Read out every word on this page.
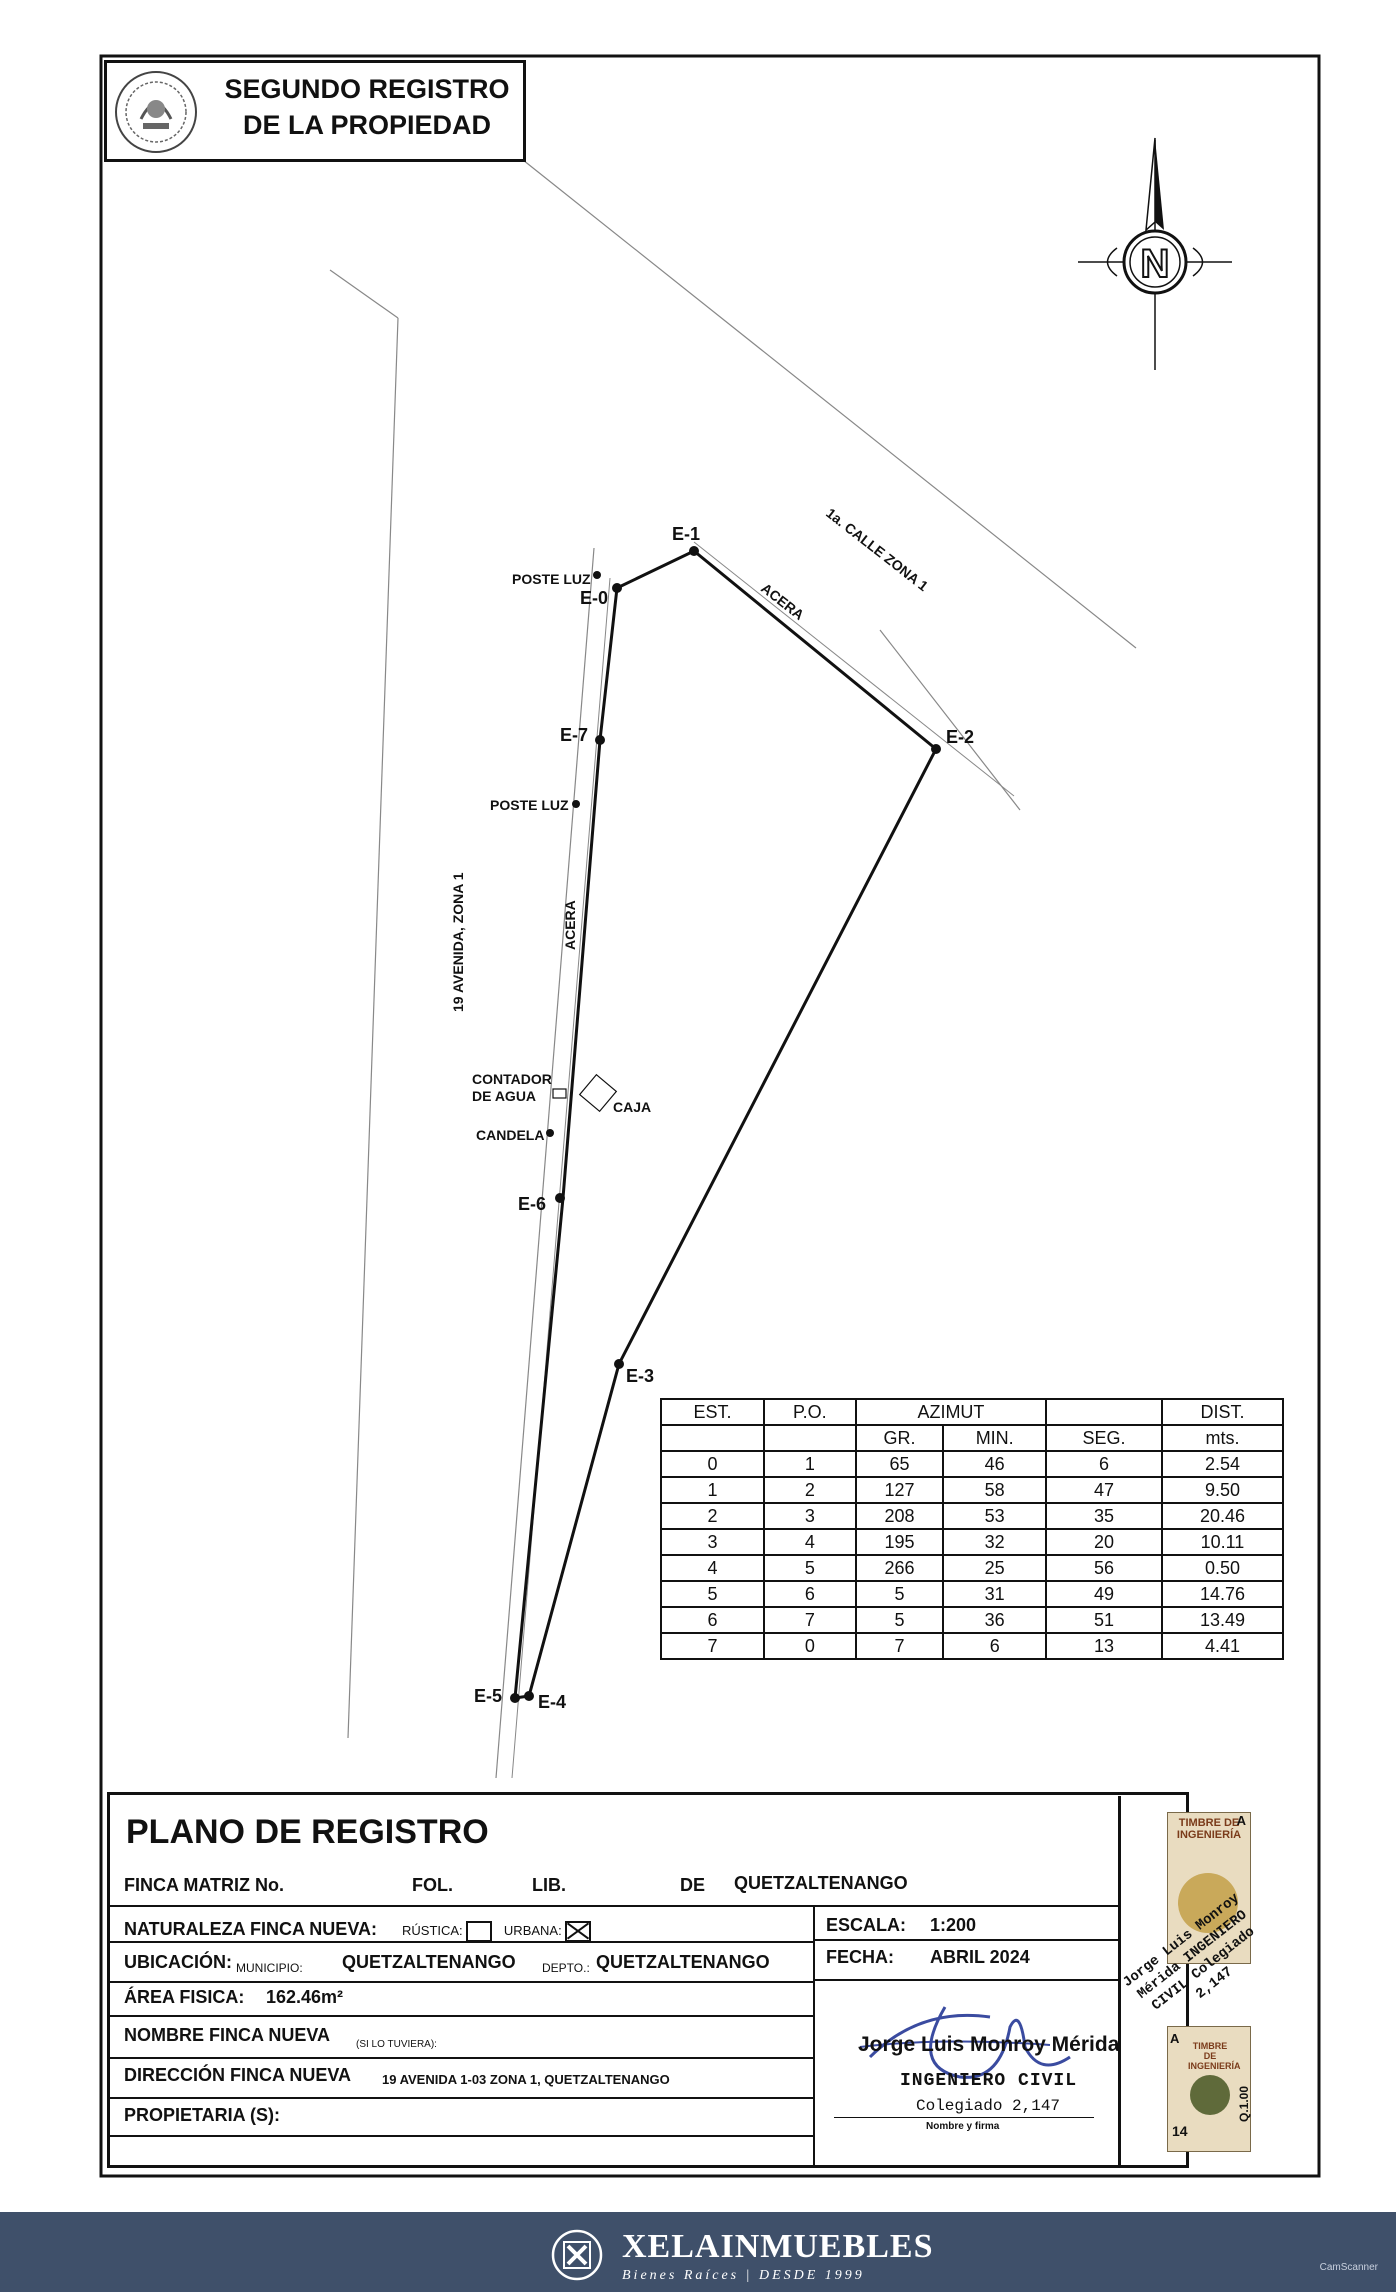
E-1
E-0
E-2
E-7
E-6
E-3
E-5 E-4
POSTE LUZ
POSTE LUZ
CONTADOR
DE AGUA
CAJA
CANDELA
1a. CALLE ZONA 1
ACERA
19 AVENIDA, ZONA 1	ACERA
N
SEGUNDO REGISTRO
DE LA PROPIEDAD
EST.	P.O.	AZIMUT			DIST.
		GR.	MIN.	SEG.	mts.
0	1	65	46	6	2.54
1	2	127	58	47	9.50
2	3	208	53	35	20.46
3	4	195	32	20	10.11
4	5	266	25	56	0.50
5	6	5	31	49	14.76
6	7	5	36	51	13.49
7	0	7	6	13	4.41
PLANO DE REGISTRO
FINCA MATRIZ No.	FOL.	LIB.	DE QUETZALTENANGO
NATURALEZA FINCA NUEVA: RÚSTICA:	URBANA:	ESCALA: 1:200
UBICACIÓN: MUNICIPIO: QUETZALTENANGO DEPTO.: QUETZALTENANGO	FECHA: ABRIL 2024
ÁREA FISICA: 162.46m²
NOMBRE FINCA NUEVA	(SI LO TUVIERA):
DIRECCIÓN FINCA NUEVA 19 AVENIDA 1-03 ZONA 1, QUETZALTENANGO
PROPIETARIA (S):
Jorge Luis Monroy Mérida
INGENIERO CIVIL
Colegiado 2,147
Nombre y firma
TIMBRE DE INGENIERÍA
A
A	TIMBRE DE INGENIERÍA
14
Q.1.00
Jorge Luis Monroy Mérida INGENIERO CIVIL Colegiado 2,147
XELAINMUEBLES
Bienes Raíces | DESDE 1999
CamScanner
